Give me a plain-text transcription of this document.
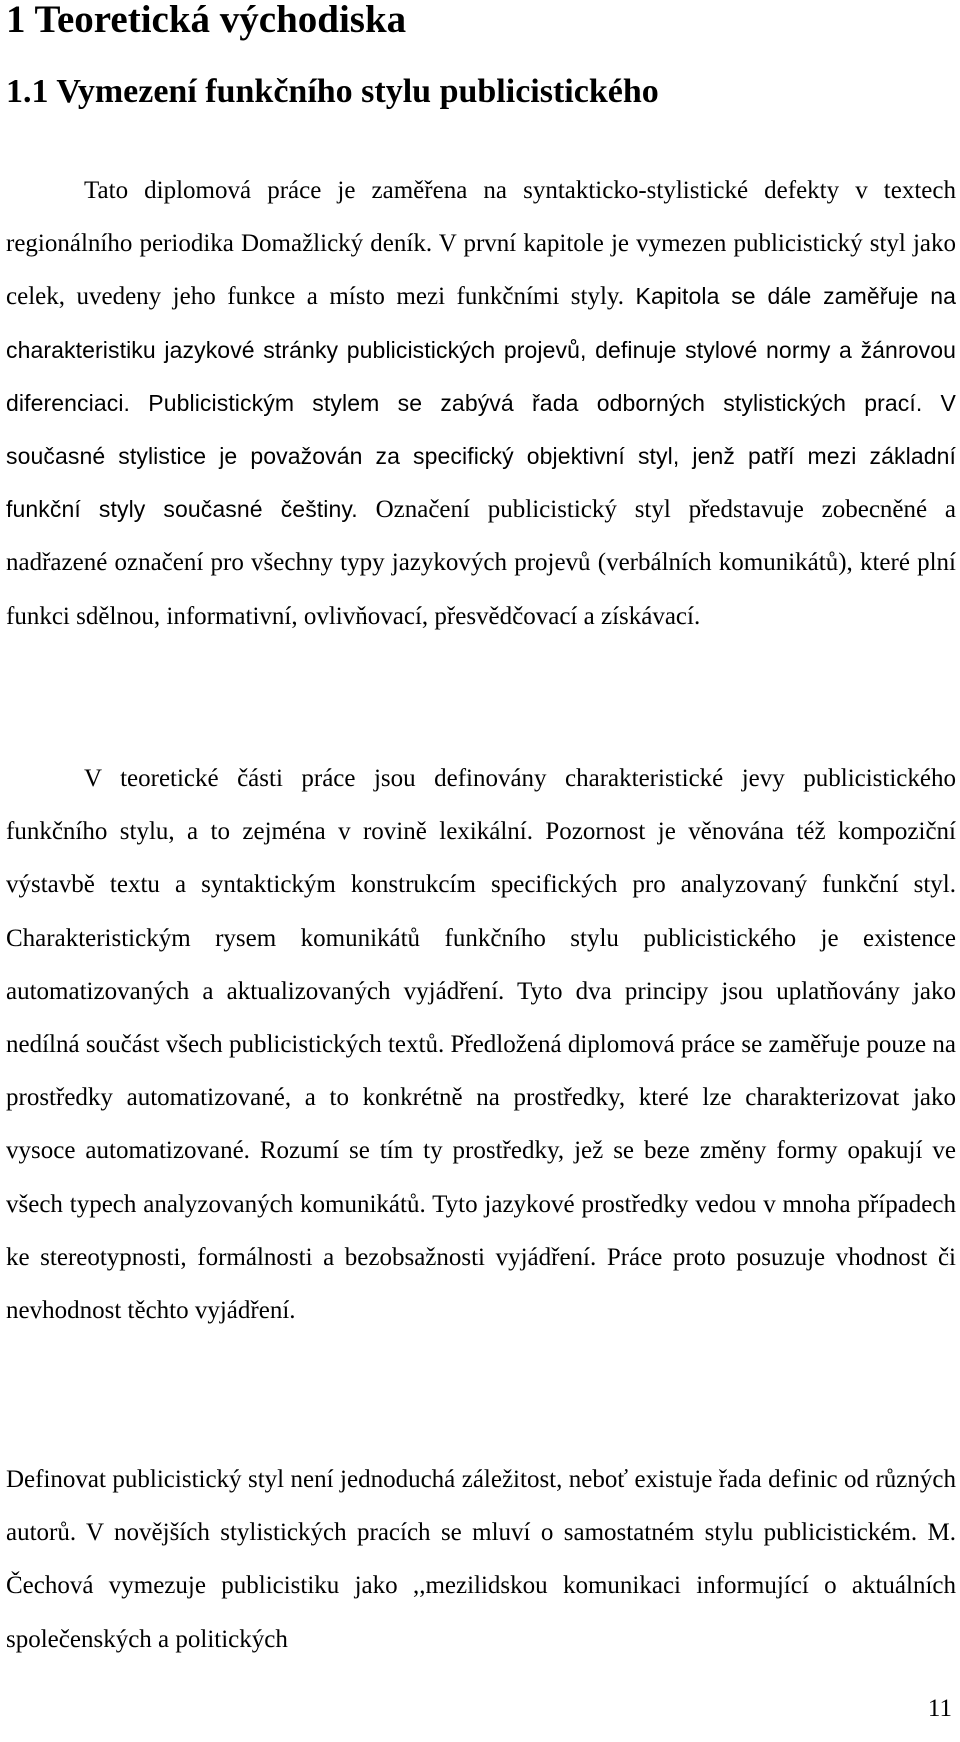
1 Teoretická východiska
1.1 Vymezení funkčního stylu publicistického

Tato diplomová práce je zaměřena na syntakticko-stylistické defekty v textech regionálního periodika Domažlický deník. V první kapitole je vymezen publicistický styl jako celek, uvedeny jeho funkce a místo mezi funkčními styly. Kapitola se dále zaměřuje na charakteristiku jazykové stránky publicistických projevů, definuje stylové normy a žánrovou diferenciaci. Publicistickým stylem se zabývá řada odborných stylistických prací. V současné stylistice je považován za specifický objektivní styl, jenž patří mezi základní funkční styly současné češtiny. Označení publicistický styl představuje zobecněné a nadřazené označení pro všechny typy jazykových projevů (verbálních komunikátů), které plní funkci sdělnou, informativní, ovlivňovací, přesvědčovací a získávací.

V teoretické části práce jsou definovány charakteristické jevy publicistického funkčního stylu, a to zejména v rovině lexikální. Pozornost je věnována též kompoziční výstavbě textu a syntaktickým konstrukcím specifických pro analyzovaný funkční styl. Charakteristickým rysem komunikátů funkčního stylu publicistického je existence automatizovaných a aktualizovaných vyjádření. Tyto dva principy jsou uplatňovány jako nedílná součást všech publicistických textů. Předložená diplomová práce se zaměřuje pouze na prostředky automatizované, a to konkrétně na prostředky, které lze charakterizovat jako vysoce automatizované. Rozumí se tím ty prostředky, jež se beze změny formy opakují ve všech typech analyzovaných komunikátů. Tyto jazykové prostředky vedou v mnoha případech ke stereotypnosti, formálnosti a bezobsažnosti vyjádření. Práce proto posuzuje vhodnost či nevhodnost těchto vyjádření.

Definovat publicistický styl není jednoduchá záležitost, neboť existuje řada definic od různých autorů. V novějších stylistických pracích se mluví o samostatném stylu publicistickém. M. Čechová vymezuje publicistiku jako ,,mezilidskou komunikaci informující o aktuálních společenských a politických

11
